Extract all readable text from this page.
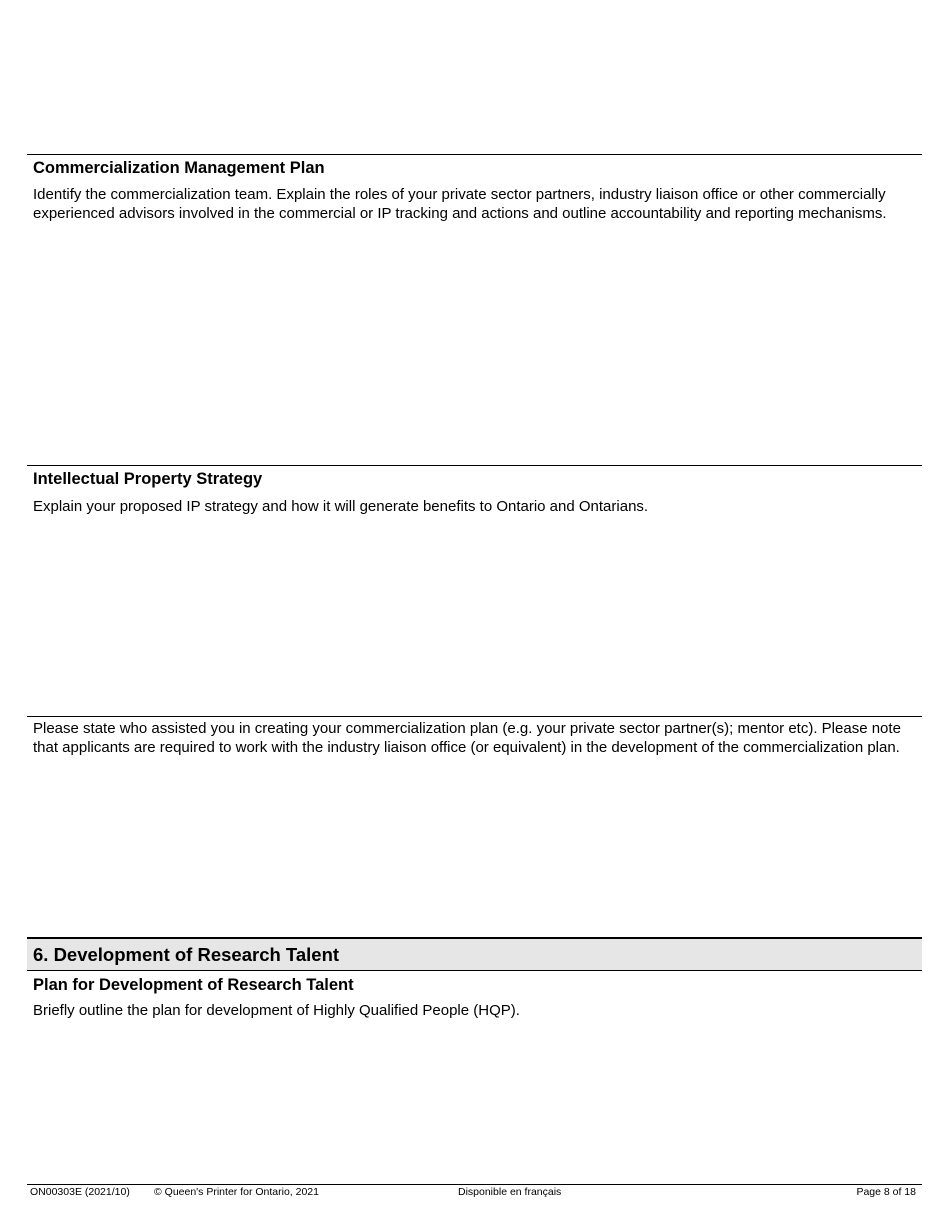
Commercialization Management Plan
Identify the commercialization team. Explain the roles of your private sector partners, industry liaison office or other commercially experienced advisors involved in the commercial or IP tracking and actions and outline accountability and reporting mechanisms.
Intellectual Property Strategy
Explain your proposed IP strategy and how it will generate benefits to Ontario and Ontarians.
Please state who assisted you in creating your commercialization plan (e.g. your private sector partner(s); mentor etc). Please note that applicants are required to work with the industry liaison office (or equivalent) in the development of the commercialization plan.
6. Development of Research Talent
Plan for Development of Research Talent
Briefly outline the plan for development of Highly Qualified People (HQP).
ON00303E (2021/10) © Queen's Printer for Ontario, 2021	Disponible en français	Page 8 of 18
